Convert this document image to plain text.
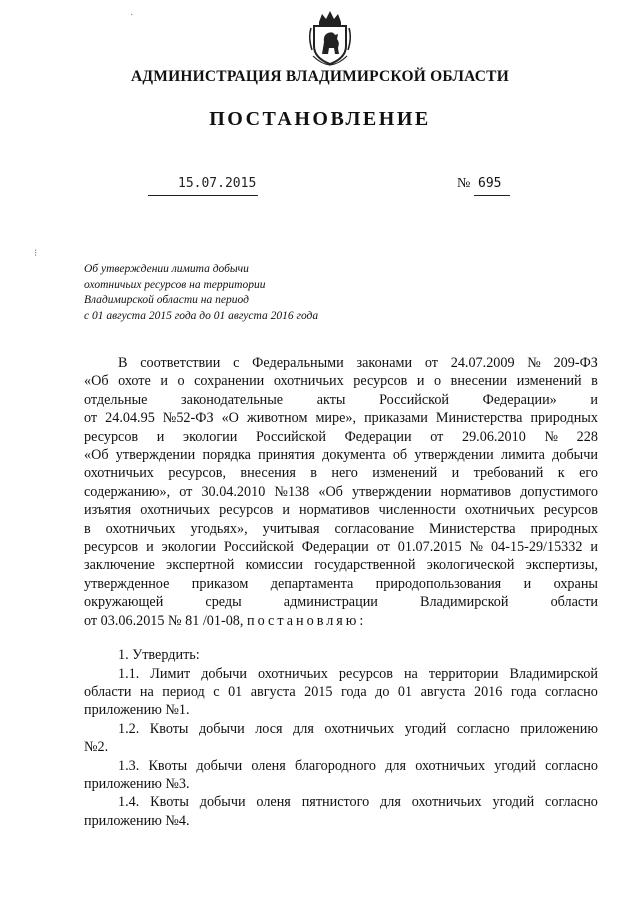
АДМИНИСТРАЦИЯ ВЛАДИМИРСКОЙ ОБЛАСТИ
ПОСТАНОВЛЕНИЕ
15.07.2015	№ 695
·
⁝
Об утверждении лимита добычи
охотничьих ресурсов на территории
Владимирской области на период
с 01 августа 2015 года до 01 августа 2016 года
В соответствии с Федеральными законами от 24.07.2009 № 209-ФЗ
«Об охоте и о сохранении охотничьих ресурсов и о внесении изменений в
отдельные законодательные акты Российской Федерации» и
от 24.04.95 №52-ФЗ «О животном мире», приказами Министерства природных
ресурсов и экологии Российской Федерации от 29.06.2010 № 228
«Об утверждении порядка принятия документа об утверждении лимита добычи
охотничьих ресурсов, внесения в него изменений и требований к его
содержанию», от 30.04.2010 №138 «Об утверждении нормативов допустимого
изъятия охотничьих ресурсов и нормативов численности охотничьих ресурсов
в охотничьих угодьях», учитывая согласование Министерства природных
ресурсов и экологии Российской Федерации от 01.07.2015 № 04-15-29/15332 и
заключение экспертной комиссии государственной экологической экспертизы,
утвержденное приказом департамента природопользования и охраны
окружающей	среды	администрации	Владимирской	области
от 03.06.2015 № 81 /01-08, постановляю:
1. Утвердить:
1.1. Лимит добычи охотничьих ресурсов на территории Владимирской
области на период с 01 августа 2015 года до 01 августа 2016 года согласно
приложению №1.
1.2. Квоты добычи лося для охотничьих угодий согласно приложению
№2.
1.3. Квоты добычи оленя благородного для охотничьих угодий согласно
приложению №3.
1.4. Квоты добычи оленя пятнистого для охотничьих угодий согласно
приложению №4.
